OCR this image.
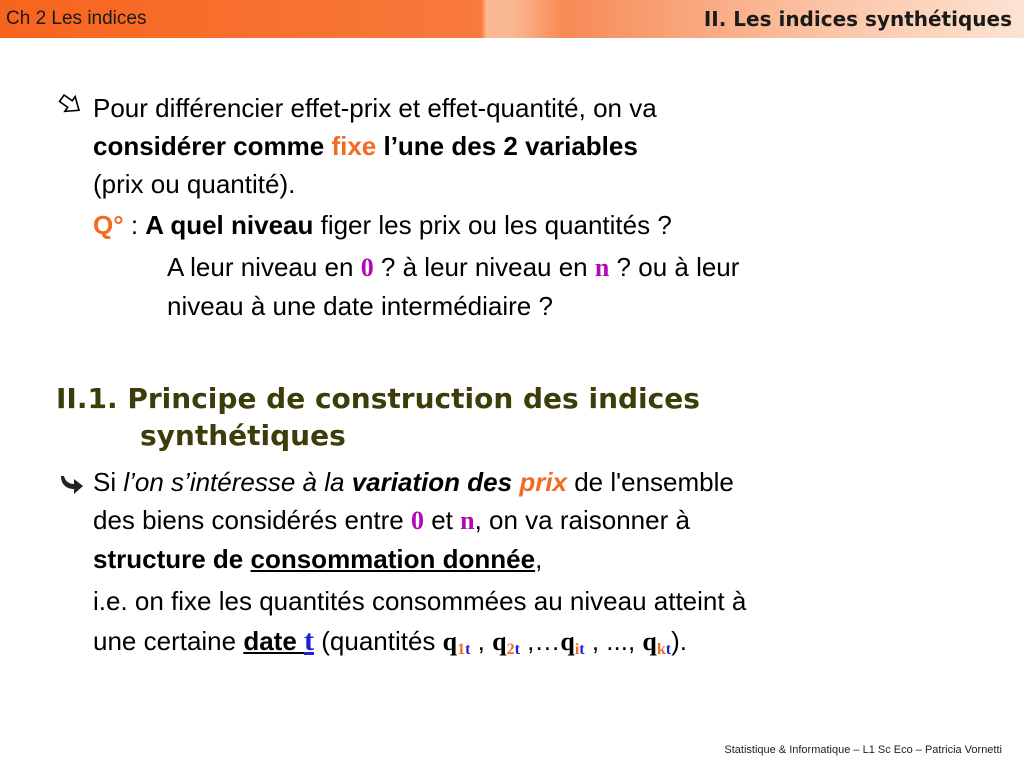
Ch 2 Les indices	II. Les indices synthétiques
Pour différencier effet-prix et effet-quantité, on va
considérer comme fixe l’une des 2 variables
(prix ou quantité).
Q° : A quel niveau figer les prix ou les quantités ?
A leur niveau en 0 ? à leur niveau en n ? ou à leur
niveau à une date intermédiaire ?
II.1. Principe de construction des indices
synthétiques
Si l’on s’intéresse à la variation des prix de l'ensemble
des biens considérés entre 0 et n, on va raisonner à
structure de consommation donnée,
i.e. on fixe les quantités consommées au niveau atteint à
une certaine date t (quantités q1t , q2t ,…qit , ..., qkt).
Statistique & Informatique – L1 Sc Eco – Patricia Vornetti
